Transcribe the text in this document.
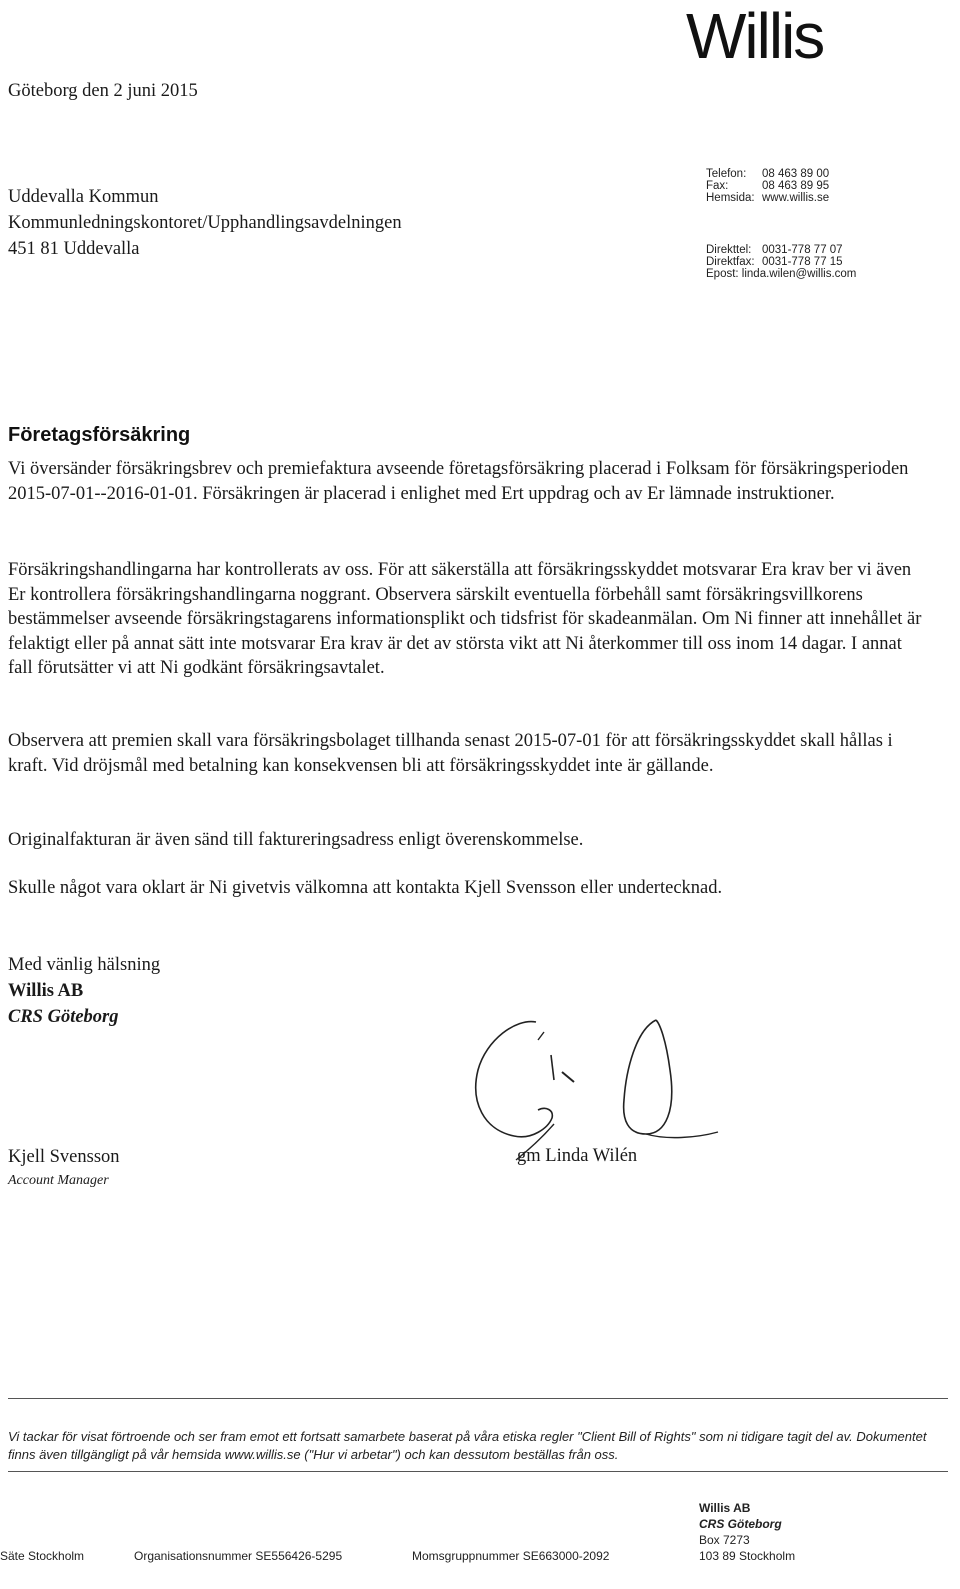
Willis
Göteborg den 2 juni 2015
Uddevalla Kommun
Kommunledningskontoret/Upphandlingsavdelningen
451 81 Uddevalla
Telefon:	08 463 89 00
Fax:	08 463 89 95
Hemsida: www.willis.se
Direkttel: 0031-778 77 07
Direktfax: 0031-778 77 15
Epost: linda.wilen@willis.com
Företagsförsäkring
Vi översänder försäkringsbrev och premiefaktura avseende företagsförsäkring placerad i Folksam för försäkringsperioden 2015-07-01--2016-01-01. Försäkringen är placerad i enlighet med Ert uppdrag och av Er lämnade instruktioner.
Försäkringshandlingarna har kontrollerats av oss. För att säkerställa att försäkringsskyddet motsvarar Era krav ber vi även Er kontrollera försäkringshandlingarna noggrant. Observera särskilt eventuella förbehåll samt försäkringsvillkorens bestämmelser avseende försäkringstagarens informationsplikt och tidsfrist för skadeanmälan. Om Ni finner att innehållet är felaktigt eller på annat sätt inte motsvarar Era krav är det av största vikt att Ni återkommer till oss inom 14 dagar. I annat fall förutsätter vi att Ni godkänt försäkringsavtalet.
Observera att premien skall vara försäkringsbolaget tillhanda senast 2015-07-01 för att försäkringsskyddet skall hållas i kraft. Vid dröjsmål med betalning kan konsekvensen bli att försäkringsskyddet inte är gällande.
Originalfakturan är även sänd till faktureringsadress enligt överenskommelse.
Skulle något vara oklart är Ni givetvis välkomna att kontakta Kjell Svensson eller undertecknad.
Med vänlig hälsning
Willis AB
CRS Göteborg
Kjell Svensson
Account Manager
gm Linda Wilén
Vi tackar för visat förtroende och ser fram emot ett fortsatt samarbete baserat på våra etiska regler "Client Bill of Rights" som ni tidigare tagit del av. Dokumentet finns även tillgängligt på vår hemsida www.willis.se ("Hur vi arbetar") och kan dessutom beställas från oss.
Willis AB
CRS Göteborg
Box 7273
Säte Stockholm	Organisationsnummer SE556426-5295	Momsgruppnummer SE663000-2092	103 89 Stockholm
